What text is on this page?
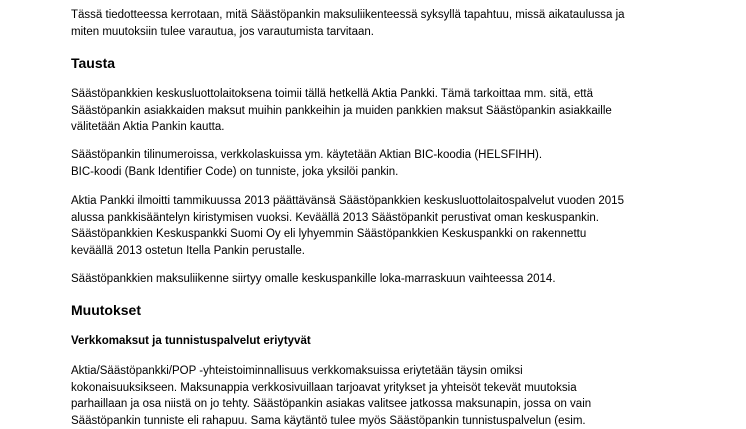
Tässä tiedotteessa kerrotaan, mitä Säästöpankin maksuliikenteessä syksyllä tapahtuu, missä aikataulussa ja
miten muutoksiin tulee varautua, jos varautumista tarvitaan.

Tausta

Säästöpankkien keskusluottolaitoksena toimii tällä hetkellä Aktia Pankki. Tämä tarkoittaa mm. sitä, että
Säästöpankin asiakkaiden maksut muihin pankkeihin ja muiden pankkien maksut Säästöpankin asiakkaille
välitetään Aktia Pankin kautta.

Säästöpankin tilinumeroissa, verkkolaskuissa ym. käytetään Aktian BIC-koodia (HELSFIHH).
BIC-koodi (Bank Identifier Code) on tunniste, joka yksilöi pankin.

Aktia Pankki ilmoitti tammikuussa 2013 päättävänsä Säästöpankkien keskusluottolaitospalvelut vuoden 2015
alussa pankkisääntelyn kiristymisen vuoksi. Keväällä 2013 Säästöpankit perustivat oman keskuspankin.
Säästöpankkien Keskuspankki Suomi Oy eli lyhyemmin Säästöpankkien Keskuspankki on rakennettu
keväällä 2013 ostetun Itella Pankin perustalle.

Säästöpankkien maksuliikenne siirtyy omalle keskuspankille loka-marraskuun vaihteessa 2014.

Muutokset
Verkkomaksut ja tunnistuspalvelut eriytyvät

Aktia/Säästöpankki/POP -yhteistoiminnallisuus verkkomaksuissa eriytetään täysin omiksi
kokonaisuuksikseen. Maksunappia verkkosivuillaan tarjoavat yritykset ja yhteisöt tekevät muutoksia
parhaillaan ja osa niistä on jo tehty. Säästöpankin asiakas valitsee jatkossa maksunapin, jossa on vain
Säästöpankin tunniste eli rahapuu. Sama käytäntö tulee myös Säästöpankin tunnistuspalvelun (esim.
